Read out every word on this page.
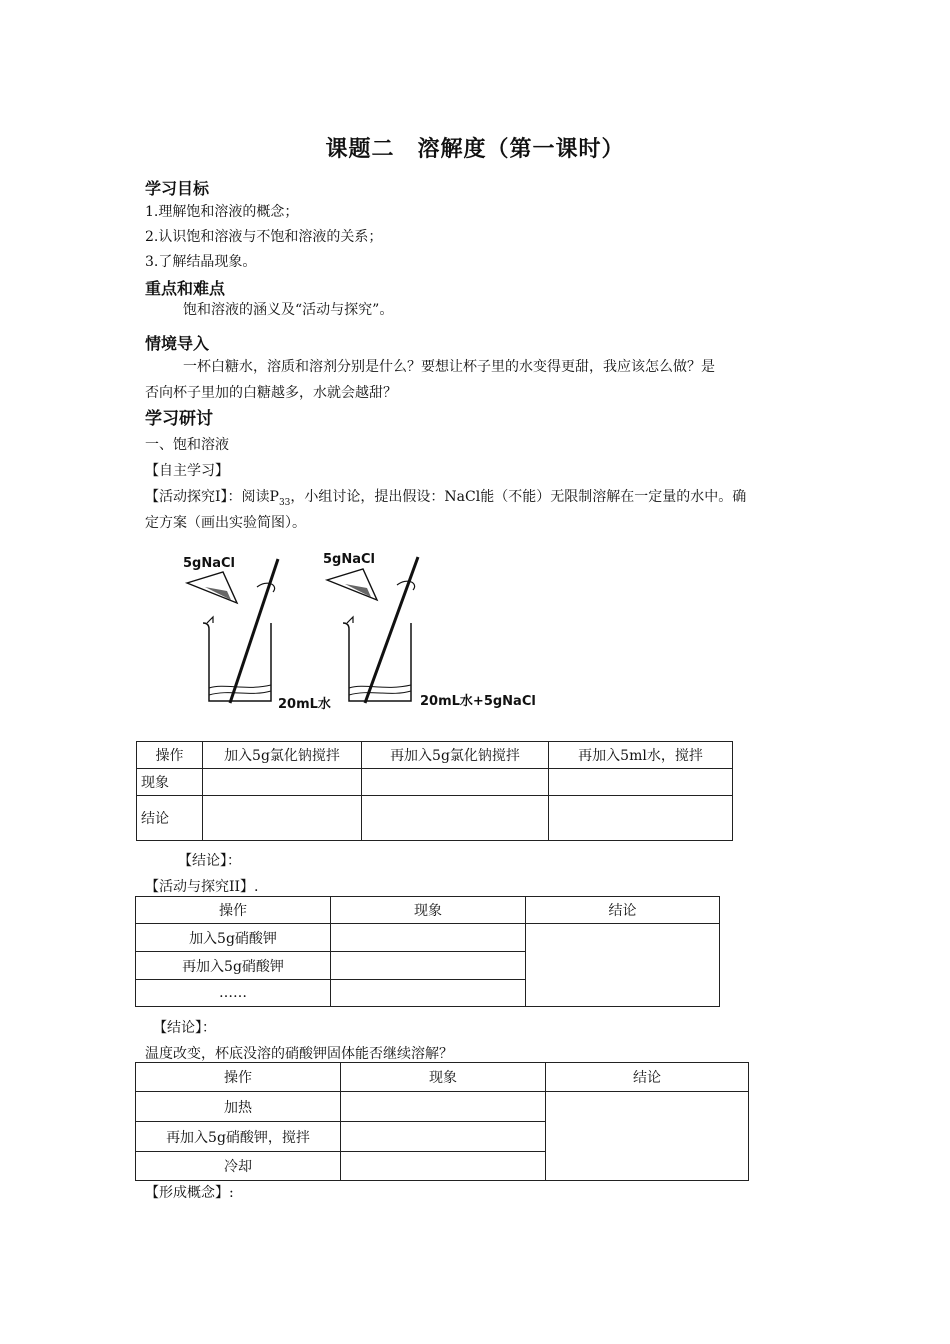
课题二　溶解度（第一课时）
学习目标
1.理解饱和溶液的概念；
2.认识饱和溶液与不饱和溶液的关系；
3.了解结晶现象。
重点和难点
饱和溶液的涵义及“活动与探究”。
情境导入
一杯白糖水，溶质和溶剂分别是什么？要想让杯子里的水变得更甜，我应该怎么做？是
否向杯子里加的白糖越多，水就会越甜？
学习研讨
一、饱和溶液
【自主学习】
【活动探究Ⅰ】：阅读$P_{33}$，小组讨论，提出假设：NaCl能（不能）无限制溶解在一定量的水中。确
定方案（画出实验简图）。
5gNaCl
20mL水
5gNaCl
20mL水+5gNaCl
操作	加入5g氯化钠搅拌	再加入5g氯化钠搅拌	再加入5ml水，搅拌
现象			
结论			
【结论】：
【活动与探究II】.
操作	现象	结论
加入5g硝酸钾		
再加入5g硝酸钾		
……		
【结论】：
温度改变，杯底没溶的硝酸钾固体能否继续溶解？
操作	现象	结论
加热		
再加入5g硝酸钾，搅拌		
冷却		
【形成概念】:
